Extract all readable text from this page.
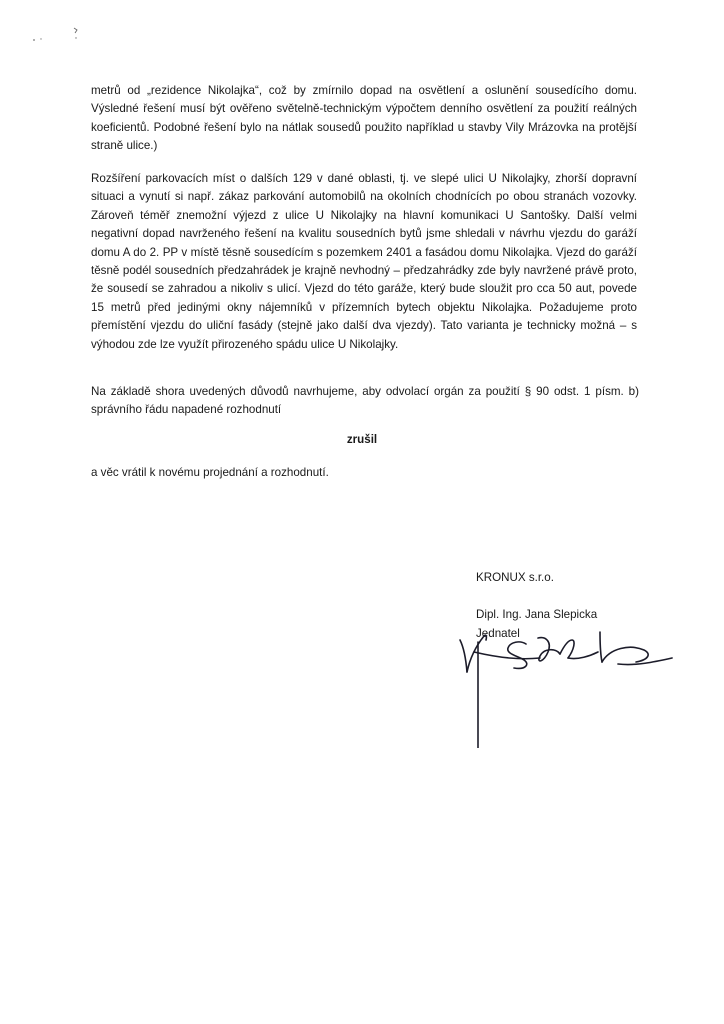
metrů od „rezidence Nikolajka“, což by zmírnilo dopad na osvětlení a oslunění sousedícího domu. Výsledné řešení musí být ověřeno světelně-technickým výpočtem denního osvětlení za použití reálných koeficientů. Podobné řešení bylo na nátlak sousedů použito například u stavby Vily Mrázovka na protější straně ulice.)

Rozšíření parkovacích míst o dalších 129 v dané oblasti, tj. ve slepé ulici U Nikolajky, zhorší dopravní situaci a vynutí si např. zákaz parkování automobilů na okolních chodnících po obou stranách vozovky. Zároveň téměř znemožní výjezd z ulice U Nikolajky na hlavní komunikaci U Santošky. Další velmi negativní dopad navrženého řešení na kvalitu sousedních bytů jsme shledali v návrhu vjezdu do garáží domu A do 2. PP v místě těsně sousedícím s pozemkem 2401 a fasádou domu Nikolajka. Vjezd do garáží těsně podél sousedních předzahrádek je krajně nevhodný – předzahrádky zde byly navržené právě proto, že sousedí se zahradou a nikoliv s ulicí. Vjezd do této garáže, který bude sloužit pro cca 50 aut, povede 15 metrů před jedinými okny nájemníků v přízemních bytech objektu Nikolajka. Požadujeme proto přemístění vjezdu do uliční fasády (stejně jako další dva vjezdy). Tato varianta je technicky možná – s výhodou zde lze využít přirozeného spádu ulice U Nikolajky.

Na základě shora uvedených důvodů navrhujeme, aby odvolací orgán za použití § 90 odst. 1 písm. b) správního řádu napadené rozhodnutí

zrušil
a věc vrátil k novému projednání a rozhodnutí.
KRONUX s.r.o.
Dipl. Ing. Jana Slepicka
Jednatel
